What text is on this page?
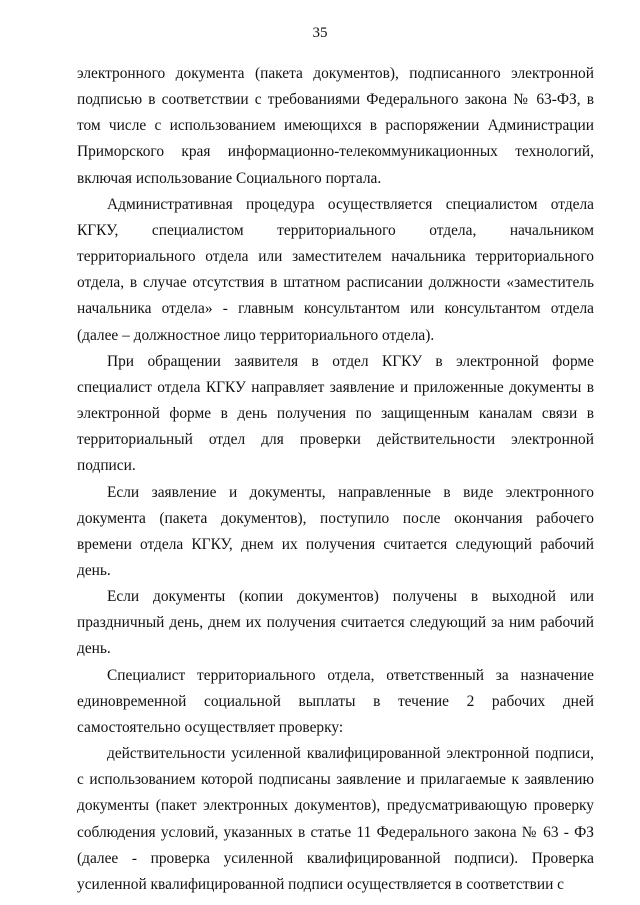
35

электронного документа (пакета документов), подписанного электронной подписью в соответствии с требованиями Федерального закона № 63-ФЗ, в том числе с использованием имеющихся в распоряжении Администрации Приморского края информационно-телекоммуникационных технологий, включая использование Социального портала.

Административная процедура осуществляется специалистом отдела КГКУ, специалистом территориального отдела, начальником территориального отдела или заместителем начальника территориального отдела, в случае отсутствия в штатном расписании должности «заместитель начальника отдела» - главным консультантом или консультантом отдела (далее – должностное лицо территориального отдела).

При обращении заявителя в отдел КГКУ в электронной форме специалист отдела КГКУ направляет заявление и приложенные документы в электронной форме в день получения по защищенным каналам связи в территориальный отдел для проверки действительности электронной подписи.

Если заявление и документы, направленные в виде электронного документа (пакета документов), поступило после окончания рабочего времени отдела КГКУ, днем их получения считается следующий рабочий день.

Если документы (копии документов) получены в выходной или праздничный день, днем их получения считается следующий за ним рабочий день.

Специалист территориального отдела, ответственный за назначение единовременной социальной выплаты в течение 2 рабочих дней самостоятельно осуществляет проверку:

действительности усиленной квалифицированной электронной подписи, с использованием которой подписаны заявление и прилагаемые к заявлению документы (пакет электронных документов), предусматривающую проверку соблюдения условий, указанных в статье 11 Федерального закона № 63 - ФЗ (далее - проверка усиленной квалифицированной подписи). Проверка усиленной квалифицированной подписи осуществляется в соответствии с
